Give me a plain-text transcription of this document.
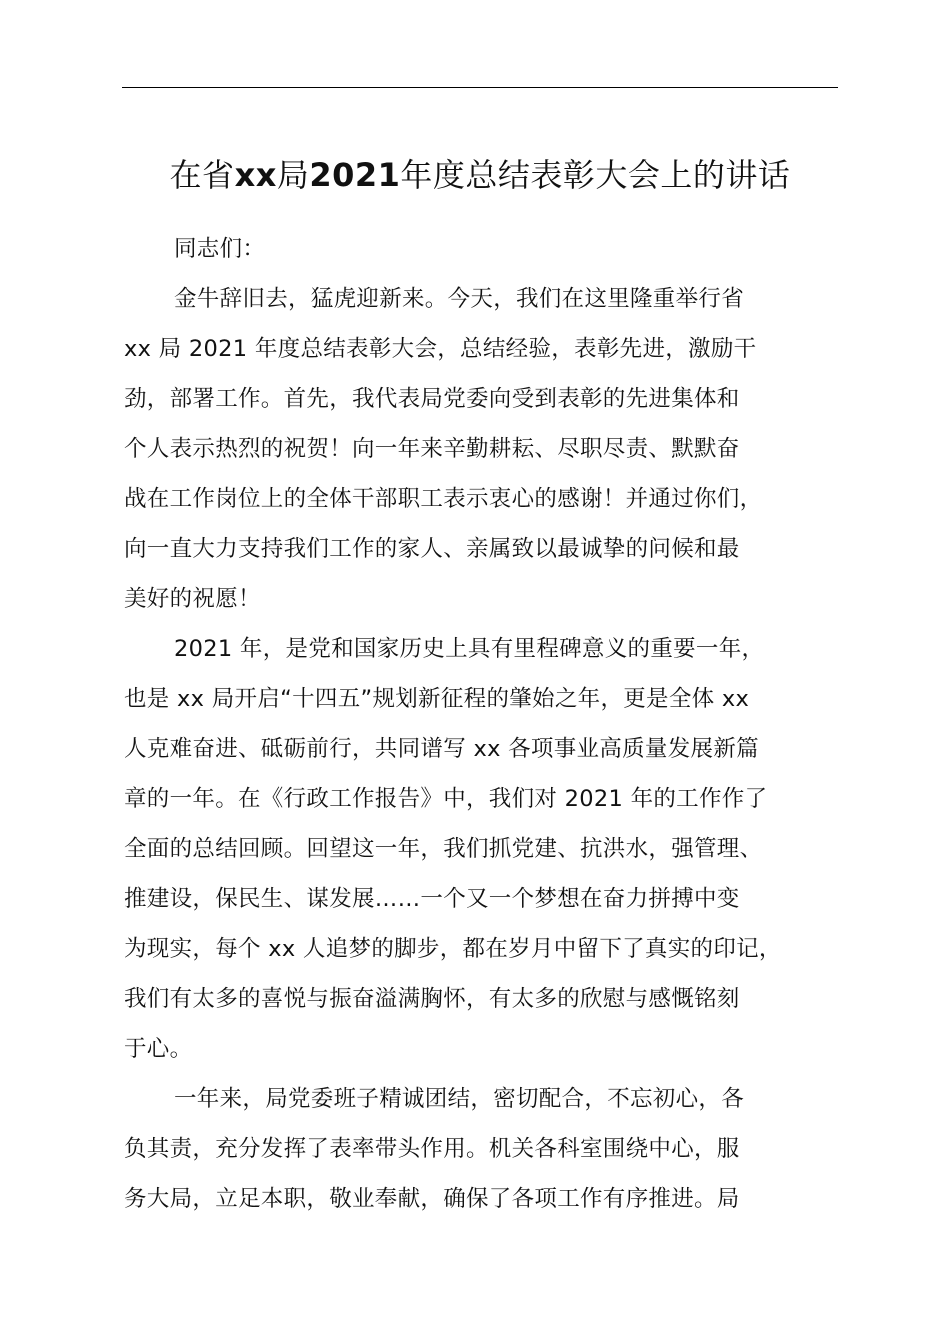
在省xx局2021年度总结表彰大会上的讲话
同志们：
金牛辞旧去，猛虎迎新来。今天，我们在这里隆重举行省
xx 局 2021 年度总结表彰大会，总结经验，表彰先进，激励干
劲，部署工作。首先，我代表局党委向受到表彰的先进集体和
个人表示热烈的祝贺！向一年来辛勤耕耘、尽职尽责、默默奋
战在工作岗位上的全体干部职工表示衷心的感谢！并通过你们，
向一直大力支持我们工作的家人、亲属致以最诚挚的问候和最
美好的祝愿！
2021 年，是党和国家历史上具有里程碑意义的重要一年，
也是 xx 局开启“十四五”规划新征程的肇始之年，更是全体 xx
人克难奋进、砥砺前行，共同谱写 xx 各项事业高质量发展新篇
章的一年。在《行政工作报告》中，我们对 2021 年的工作作了
全面的总结回顾。回望这一年，我们抓党建、抗洪水，强管理、
推建设，保民生、谋发展……一个又一个梦想在奋力拼搏中变
为现实，每个 xx 人追梦的脚步，都在岁月中留下了真实的印记，
我们有太多的喜悦与振奋溢满胸怀，有太多的欣慰与感慨铭刻
于心。
一年来，局党委班子精诚团结，密切配合，不忘初心，各
负其责，充分发挥了表率带头作用。机关各科室围绕中心，服
务大局，立足本职，敬业奉献，确保了各项工作有序推进。局
